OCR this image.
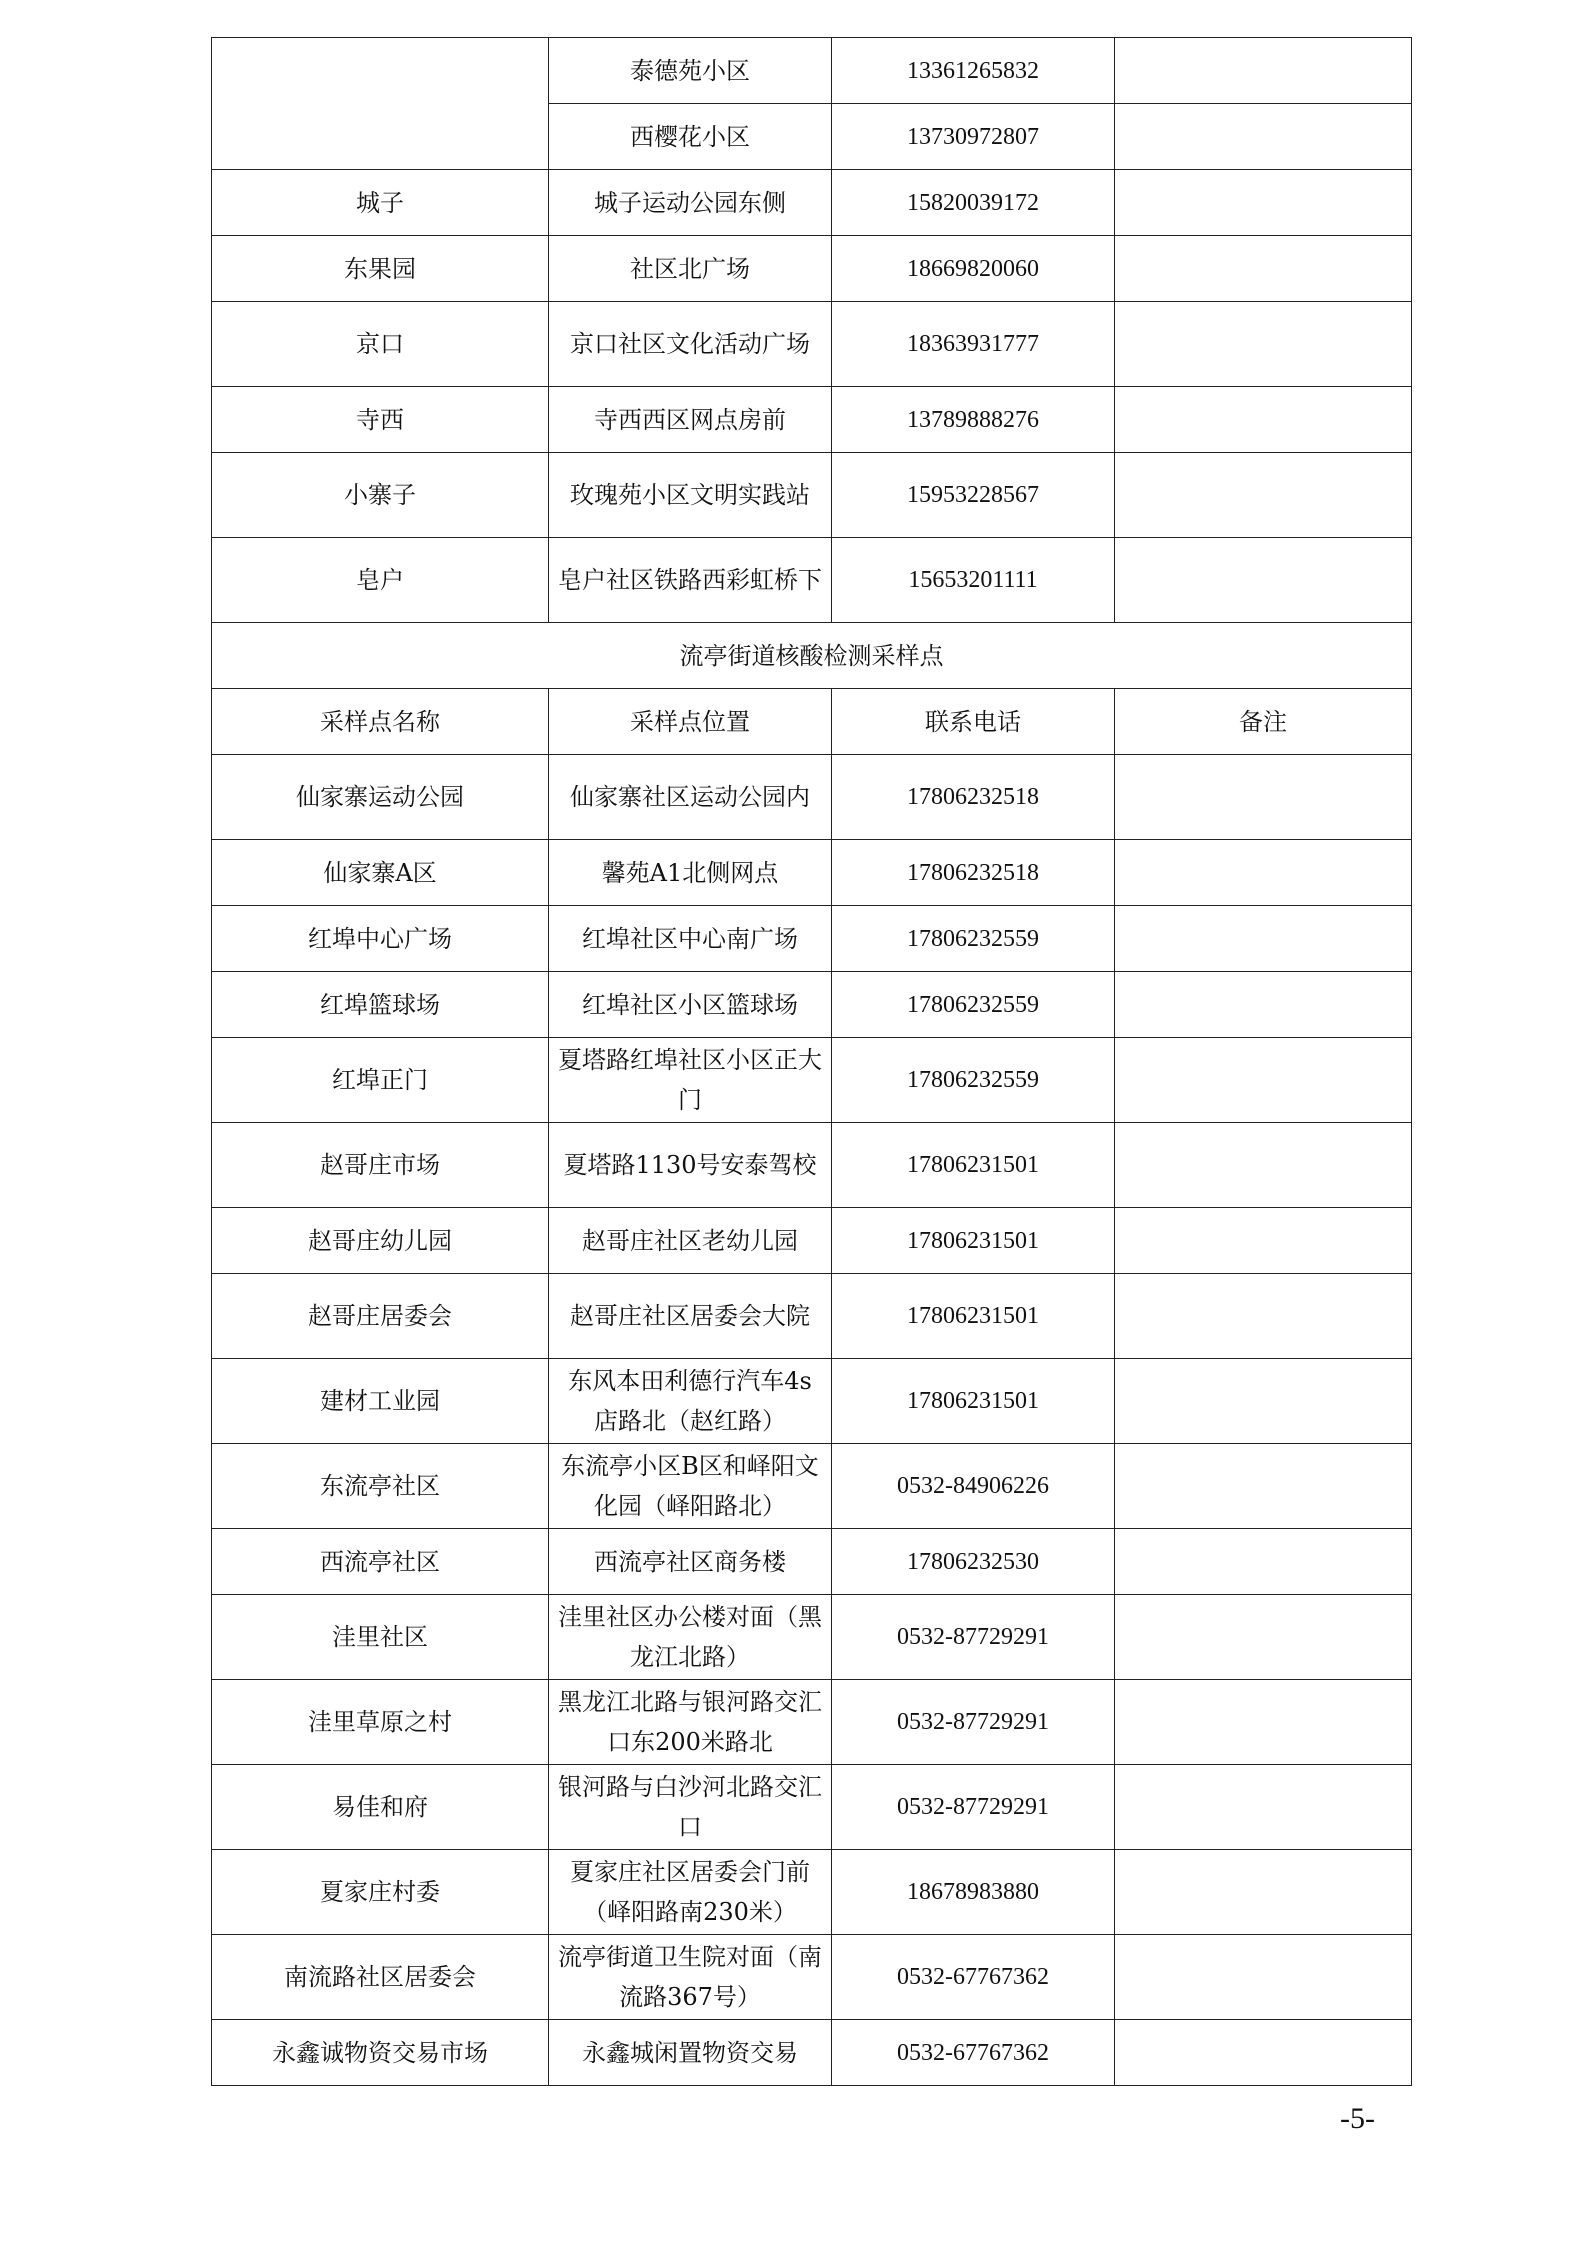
	泰德苑小区	13361265832	
	西樱花小区	13730972807	
城子	城子运动公园东侧	15820039172	
东果园	社区北广场	18669820060	
京口	京口社区文化活动广场	18363931777	
寺西	寺西西区网点房前	13789888276	
小寨子	玫瑰苑小区文明实践站	15953228567	
皂户	皂户社区铁路西彩虹桥下	15653201111	
流亭街道核酸检测采样点			
采样点名称	采样点位置	联系电话	备注
仙家寨运动公园	仙家寨社区运动公园内	17806232518	
仙家寨A区	馨苑A1北侧网点	17806232518	
红埠中心广场	红埠社区中心南广场	17806232559	
红埠篮球场	红埠社区小区篮球场	17806232559	
红埠正门	夏塔路红埠社区小区正大门	17806232559	
赵哥庄市场	夏塔路1130号安泰驾校	17806231501	
赵哥庄幼儿园	赵哥庄社区老幼儿园	17806231501	
赵哥庄居委会	赵哥庄社区居委会大院	17806231501	
建材工业园	东风本田利德行汽车4s店路北（赵红路）	17806231501	
东流亭社区	东流亭小区B区和峄阳文化园（峄阳路北）	0532-84906226	
西流亭社区	西流亭社区商务楼	17806232530	
洼里社区	洼里社区办公楼对面（黑龙江北路）	0532-87729291	
洼里草原之村	黑龙江北路与银河路交汇口东200米路北	0532-87729291	
易佳和府	银河路与白沙河北路交汇口	0532-87729291	
夏家庄村委	夏家庄社区居委会门前（峄阳路南230米）	18678983880	
南流路社区居委会	流亭街道卫生院对面（南流路367号）	0532-67767362	
永鑫诚物资交易市场	永鑫城闲置物资交易	0532-67767362	
-5-
